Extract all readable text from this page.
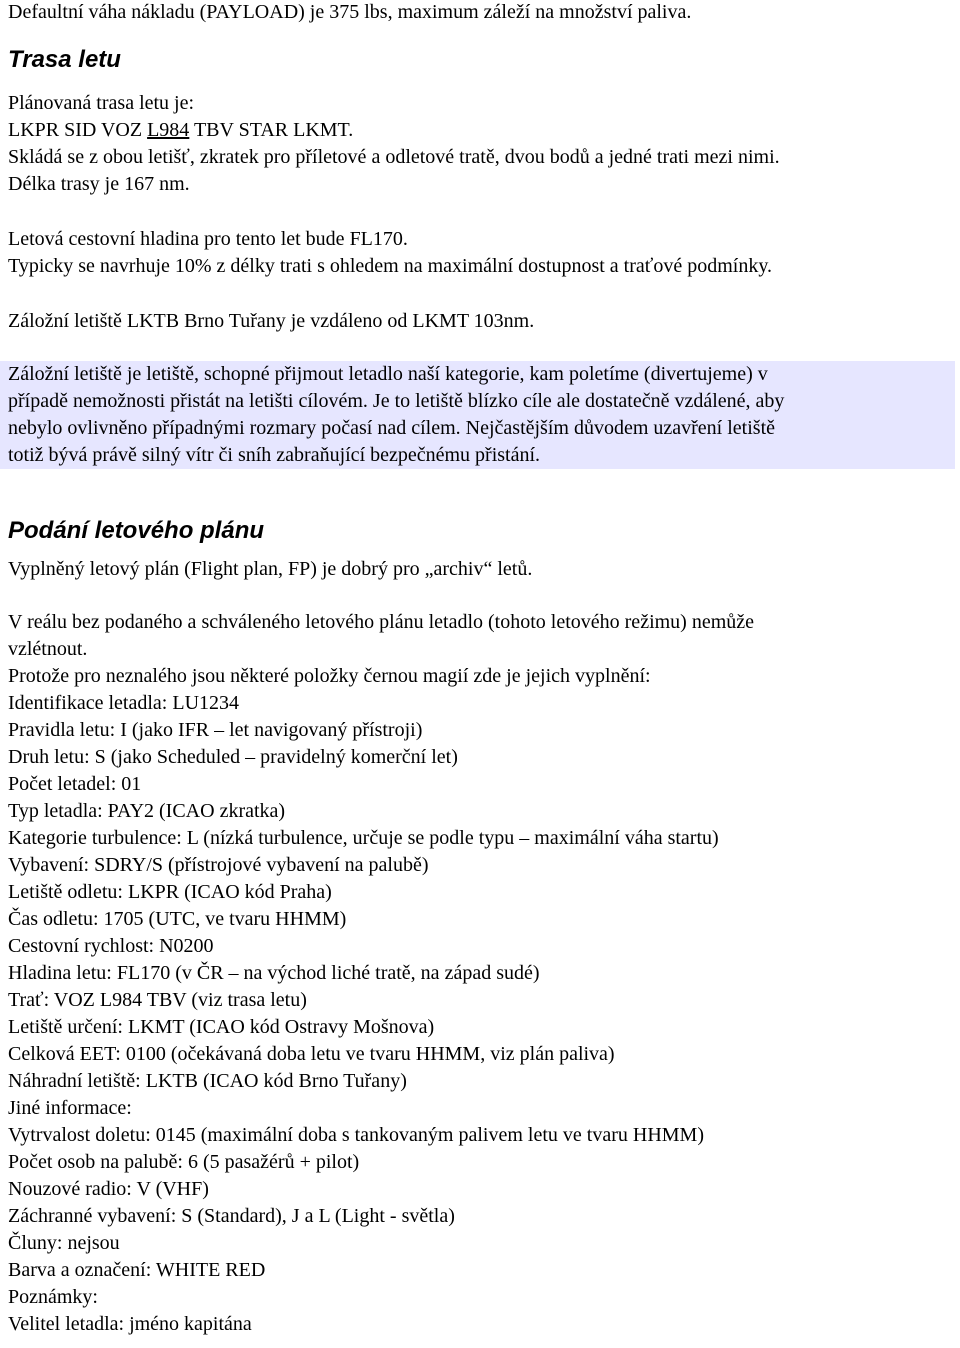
Defaultní váha nákladu (PAYLOAD) je 375 lbs, maximum záleží na množství paliva.
Trasa letu
Plánovaná trasa letu je:
LKPR SID VOZ L984 TBV STAR LKMT.
Skládá se z obou letišť, zkratek pro příletové a odletové tratě, dvou bodů a jedné trati mezi nimi.
Délka trasy je 167 nm.
Letová cestovní hladina pro tento let bude FL170.
Typicky se navrhuje 10% z délky trati s ohledem na maximální dostupnost a traťové podmínky.
Záložní letiště LKTB Brno Tuřany je vzdáleno od LKMT 103nm.
Záložní letiště je letiště, schopné přijmout letadlo naší kategorie, kam poletíme (divertujeme) v
případě nemožnosti přistát na letišti cílovém. Je to letiště blízko cíle ale dostatečně vzdálené, aby
nebylo ovlivněno případnými rozmary počasí nad cílem. Nejčastějším důvodem uzavření letiště
totiž bývá právě silný vítr či sníh zabraňující bezpečnému přistání.
Podání letového plánu
Vyplněný letový plán (Flight plan, FP) je dobrý pro „archiv“ letů.
V reálu bez podaného a schváleného letového plánu letadlo (tohoto letového režimu) nemůže
vzlétnout.
Protože pro neznalého jsou některé položky černou magií zde je jejich vyplnění:
Identifikace letadla: LU1234
Pravidla letu: I (jako IFR – let navigovaný přístroji)
Druh letu: S (jako Scheduled – pravidelný komerční let)
Počet letadel: 01
Typ letadla: PAY2 (ICAO zkratka)
Kategorie turbulence: L (nízká turbulence, určuje se podle typu – maximální váha startu)
Vybavení: SDRY/S (přístrojové vybavení na palubě)
Letiště odletu: LKPR (ICAO kód Praha)
Čas odletu: 1705 (UTC, ve tvaru HHMM)
Cestovní rychlost: N0200
Hladina letu: FL170 (v ČR – na východ liché tratě, na západ sudé)
Trať: VOZ L984 TBV (viz trasa letu)
Letiště určení: LKMT (ICAO kód Ostravy Mošnova)
Celková EET: 0100 (očekávaná doba letu ve tvaru HHMM, viz plán paliva)
Náhradní letiště: LKTB (ICAO kód Brno Tuřany)
Jiné informace:
Vytrvalost doletu: 0145 (maximální doba s tankovaným palivem letu ve tvaru HHMM)
Počet osob na palubě: 6 (5 pasažérů + pilot)
Nouzové radio: V (VHF)
Záchranné vybavení: S (Standard), J a L (Light - světla)
Čluny: nejsou
Barva a označení: WHITE RED
Poznámky:
Velitel letadla: jméno kapitána
